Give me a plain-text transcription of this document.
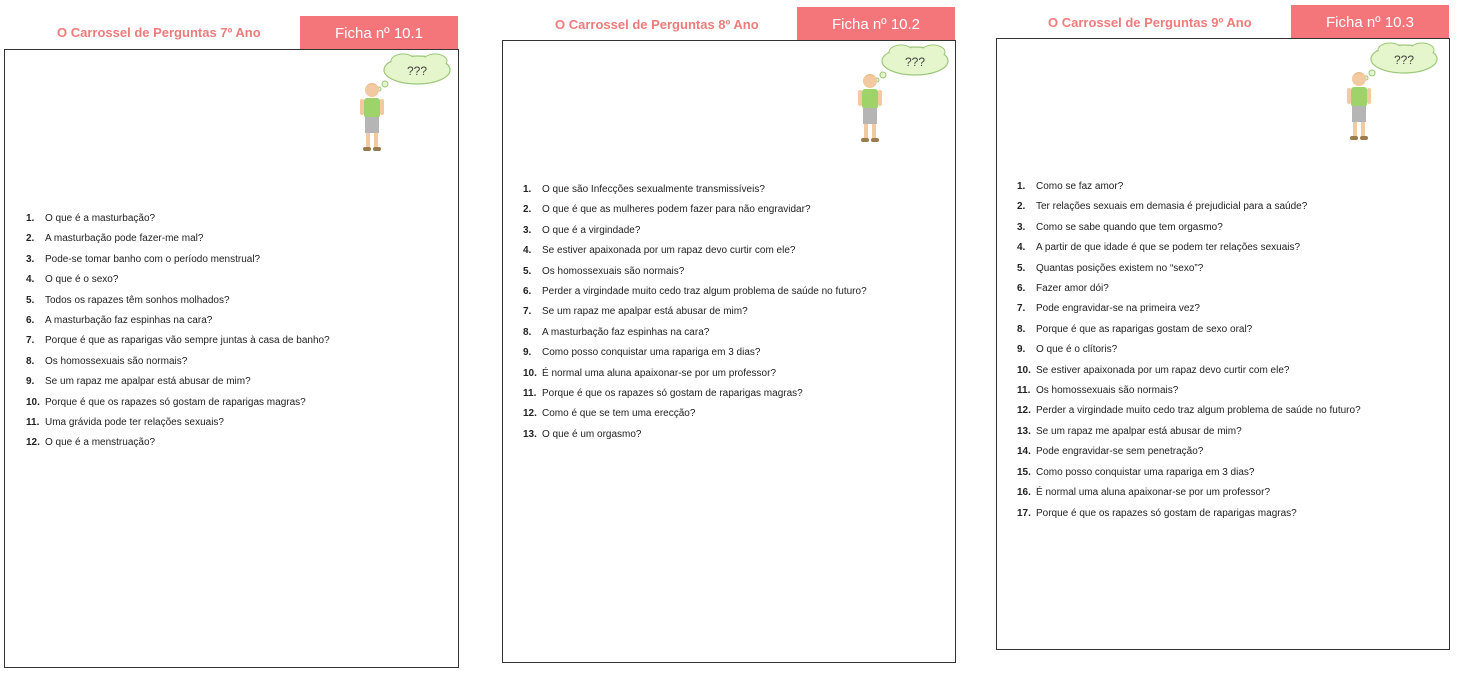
O Carrossel de Perguntas 7º Ano	Ficha nº 10.1
???
1.	O que é a masturbação?
2.	A masturbação pode fazer-me mal?
3.	Pode-se tomar banho com o período menstrual?
4.	O que é o sexo?
5.	Todos os rapazes têm sonhos molhados?
6.	A masturbação faz espinhas na cara?
7.	Porque é que as raparigas vão sempre juntas à casa de banho?
8.	Os homossexuais são normais?
9.	Se um rapaz me apalpar está abusar de mim?
10. Porque é que os rapazes só gostam de raparigas magras?
11. Uma grávida pode ter relações sexuais?
12. O que é a menstruação?
O Carrossel de Perguntas 8º Ano	Ficha nº 10.2
???
1.	O que são Infecções sexualmente transmissíveis?
2.	O que é que as mulheres podem fazer para não engravidar?
3.	O que é a virgindade?
4.	Se estiver apaixonada por um rapaz devo curtir com ele?
5.	Os homossexuais são normais?
6.	Perder a virgindade muito cedo traz algum problema de saúde no futuro?
7.	Se um rapaz me apalpar está abusar de mim?
8.	A masturbação faz espinhas na cara?
9.	Como posso conquistar uma rapariga em 3 dias?
10. É normal uma aluna apaixonar-se por um professor?
11. Porque é que os rapazes só gostam de raparigas magras?
12. Como é que se tem uma erecção?
13. O que é um orgasmo?
O Carrossel de Perguntas 9º Ano	Ficha nº 10.3
???
1.	Como se faz amor?
2.	Ter relações sexuais em demasia é prejudicial para a saúde?
3.	Como se sabe quando que tem orgasmo?
4.	A partir de que idade é que se podem ter relações sexuais?
5.	Quantas posições existem no “sexo”?
6.	Fazer amor dói?
7.	Pode engravidar-se na primeira vez?
8.	Porque é que as raparigas gostam de sexo oral?
9.	O que é o clítoris?
10. Se estiver apaixonada por um rapaz devo curtir com ele?
11. Os homossexuais são normais?
12. Perder a virgindade muito cedo traz algum problema de saúde no futuro?
13. Se um rapaz me apalpar está abusar de mim?
14. Pode engravidar-se sem penetração?
15. Como posso conquistar uma rapariga em 3 dias?
16. É normal uma aluna apaixonar-se por um professor?
17. Porque é que os rapazes só gostam de raparigas magras?
